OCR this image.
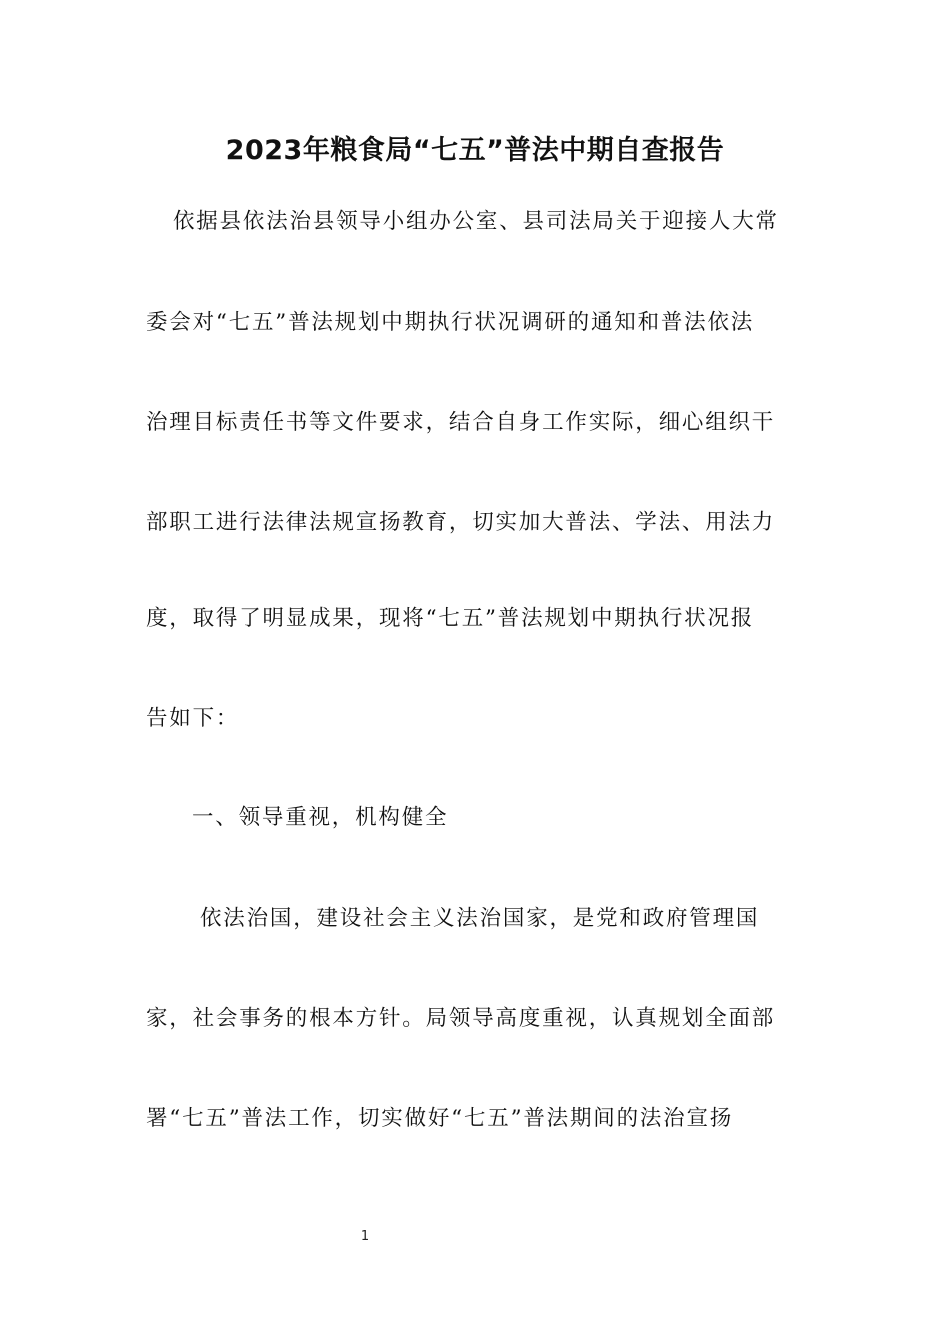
2023年粮食局“七五”普法中期自查报告
依据县依法治县领导小组办公室、县司法局关于迎接人大常
委会对“七五”普法规划中期执行状况调研的通知和普法依法
治理目标责任书等文件要求，结合自身工作实际，细心组织干
部职工进行法律法规宣扬教育，切实加大普法、学法、用法力
度，取得了明显成果，现将“七五”普法规划中期执行状况报
告如下：
一、领导重视，机构健全
依法治国，建设社会主义法治国家，是党和政府管理国
家，社会事务的根本方针。局领导高度重视，认真规划全面部
署“七五”普法工作，切实做好“七五”普法期间的法治宣扬
1
